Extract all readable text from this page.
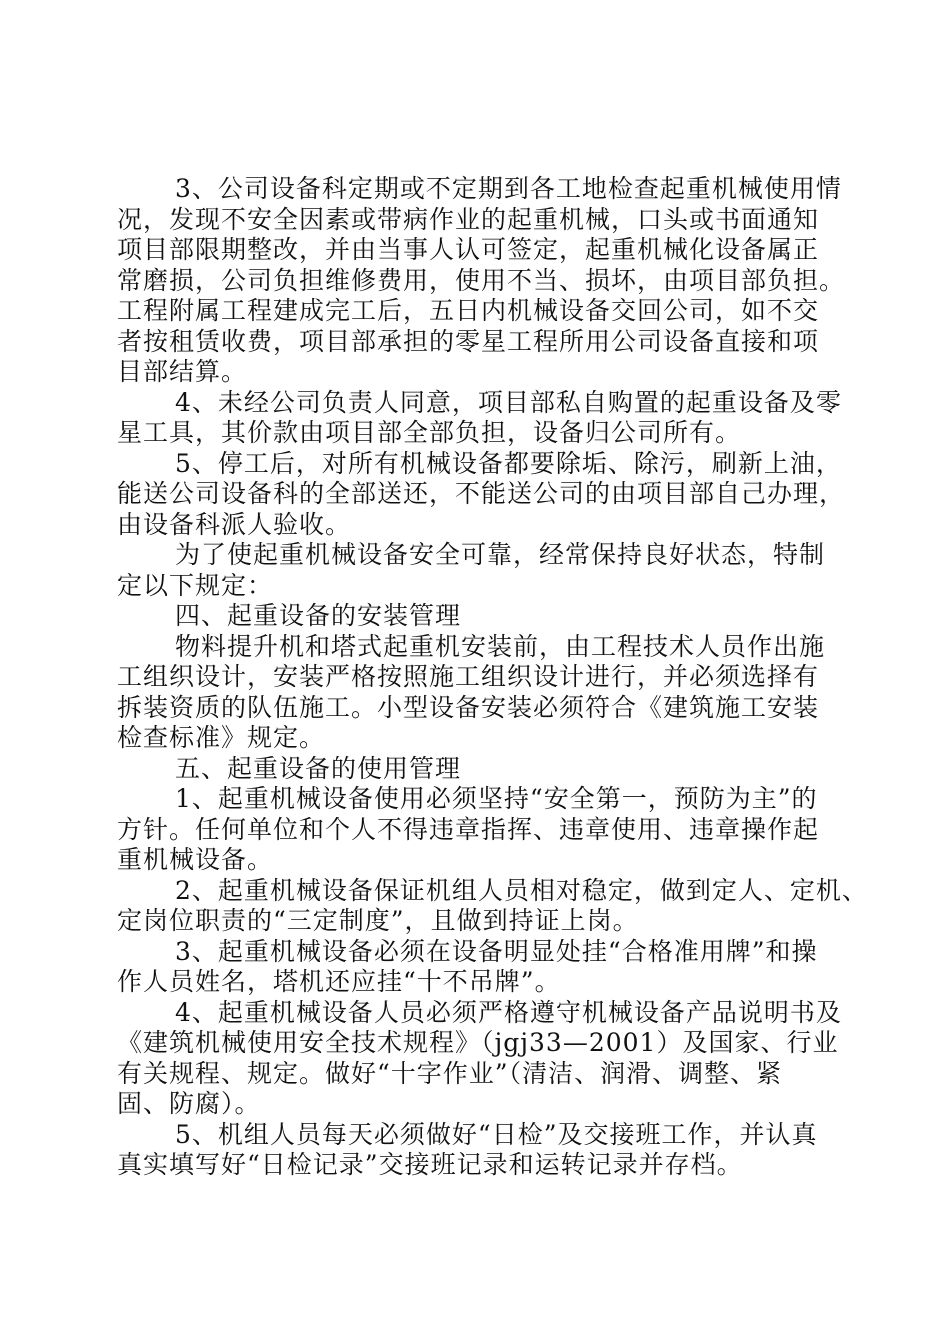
3、公司设备科定期或不定期到各工地检查起重机械使用情
况，发现不安全因素或带病作业的起重机械，口头或书面通知
项目部限期整改，并由当事人认可签定，起重机械化设备属正
常磨损，公司负担维修费用，使用不当、损坏，由项目部负担。
工程附属工程建成完工后，五日内机械设备交回公司，如不交
者按租赁收费，项目部承担的零星工程所用公司设备直接和项
目部结算。
4、未经公司负责人同意，项目部私自购置的起重设备及零
星工具，其价款由项目部全部负担，设备归公司所有。
5、停工后，对所有机械设备都要除垢、除污，刷新上油，
能送公司设备科的全部送还，不能送公司的由项目部自己办理，
由设备科派人验收。
为了使起重机械设备安全可靠，经常保持良好状态，特制
定以下规定：
四、起重设备的安装管理
物料提升机和塔式起重机安装前，由工程技术人员作出施
工组织设计，安装严格按照施工组织设计进行，并必须选择有
拆装资质的队伍施工。小型设备安装必须符合《建筑施工安装
检查标准》规定。
五、起重设备的使用管理
1、起重机械设备使用必须坚持“安全第一，预防为主”的
方针。任何单位和个人不得违章指挥、违章使用、违章操作起
重机械设备。
2、起重机械设备保证机组人员相对稳定，做到定人、定机、
定岗位职责的“三定制度”，且做到持证上岗。
3、起重机械设备必须在设备明显处挂“合格准用牌”和操
作人员姓名，塔机还应挂“十不吊牌”。
4、起重机械设备人员必须严格遵守机械设备产品说明书及
《建筑机械使用安全技术规程》（jgj33—2001）及国家、行业
有关规程、规定。做好“十字作业”（清洁、润滑、调整、紧
固、防腐）。
5、机组人员每天必须做好“日检”及交接班工作，并认真
真实填写好“日检记录”交接班记录和运转记录并存档。
